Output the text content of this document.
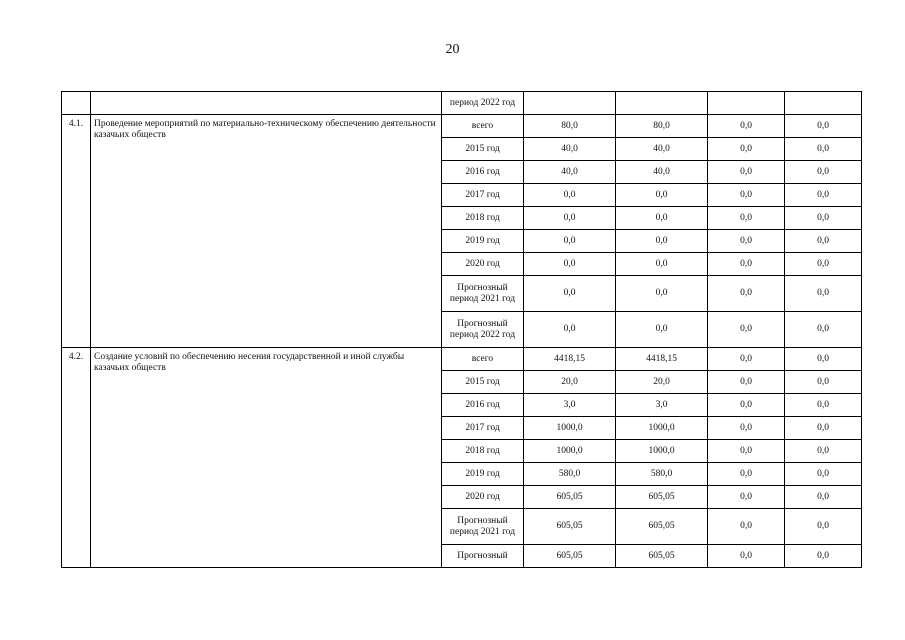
20
		период 2022 год				
4.1.	Проведение мероприятий по материально-техническому обеспечению деятельности казачьих обществ	всего	80,0	80,0	0,0	0,0
		2015 год	40,0	40,0	0,0	0,0
		2016 год	40,0	40,0	0,0	0,0
		2017 год	0,0	0,0	0,0	0,0
		2018 год	0,0	0,0	0,0	0,0
		2019 год	0,0	0,0	0,0	0,0
		2020 год	0,0	0,0	0,0	0,0
		Прогнозный период 2021 год	0,0	0,0	0,0	0,0
		Прогнозный период 2022 год	0,0	0,0	0,0	0,0
4.2.	Создание условий по обеспечению несения государственной и иной службы казачьих обществ	всего	4418,15	4418,15	0,0	0,0
		2015 год	20,0	20,0	0,0	0,0
		2016 год	3,0	3,0	0,0	0,0
		2017 год	1000,0	1000,0	0,0	0,0
		2018 год	1000,0	1000,0	0,0	0,0
		2019 год	580,0	580,0	0,0	0,0
		2020 год	605,05	605,05	0,0	0,0
		Прогнозный период 2021 год	605,05	605,05	0,0	0,0
		Прогнозный	605,05	605,05	0,0	0,0
